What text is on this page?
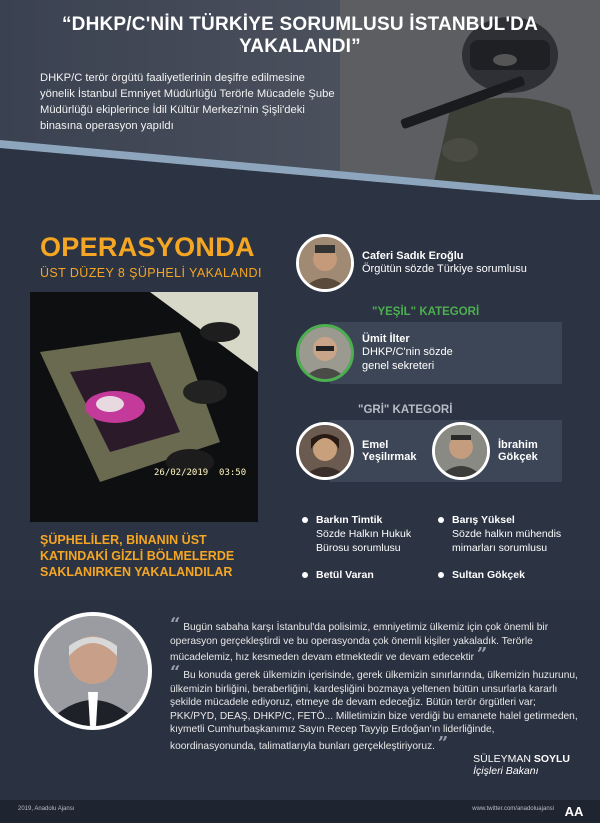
“DHKP/C'NİN TÜRKİYE SORUMLUSU İSTANBUL'DA YAKALANDI”
DHKP/C terör örgütü faaliyetlerinin deşifre edilmesine yönelik İstanbul Emniyet Müdürlüğü Terörle Mücadele Şube Müdürlüğü ekiplerince İdil Kültür Merkezi'nin Şişli'deki binasına operasyon yapıldı
OPERASYONDA
ÜST DÜZEY 8 ŞÜPHELİ YAKALANDI
26/02/2019  03:50
ŞÜPHELİLER, BİNANIN ÜST KATINDAKİ GİZLİ BÖLMELERDE SAKLANIRKEN YAKALANDILAR
Caferi Sadık Eroğlu
Örgütün sözde Türkiye sorumlusu
"YEŞİL" KATEGORİ
Ümit İlter
DHKP/C'nin sözde genel sekreteri
"GRİ" KATEGORİ
Emel
Yeşilırmak
İbrahim
Gökçek
Barkın Timtik
Sözde Halkın Hukuk Bürosu sorumlusu
Barış Yüksel
Sözde halkın mühendis mimarları sorumlusu
Betül Varan	Sultan Gökçek
“ Bugün sabaha karşı İstanbul'da polisimiz, emniyetimiz ülkemiz için çok önemli bir operasyon gerçekleştirdi ve bu operasyonda çok önemli kişiler yakaladık. Terörle mücadelemiz, hız kesmeden devam etmektedir ve devam edecektir ”
“ Bu konuda gerek ülkemizin içerisinde, gerek ülkemizin sınırlarında, ülkemizin huzurunu, ülkemizin birliğini, beraberliğini, kardeşliğini bozmaya yeltenen bütün unsurlarla kararlı şekilde mücadele ediyoruz, etmeye de devam edeceğiz. Bütün terör örgütleri var; PKK/PYD, DEAŞ, DHKP/C, FETÖ... Milletimizin bize verdiği bu emanete halel getirmeden, kıymetli Cumhurbaşkanımız Sayın Recep Tayyip Erdoğan'ın liderliğinde, koordinasyonunda, talimatlarıyla bunları gerçekleştiriyoruz. ”
SÜLEYMAN SOYLU
İçişleri Bakanı
2019, Anadolu Ajansı	www.twitter.com/anadoluajansi AA
